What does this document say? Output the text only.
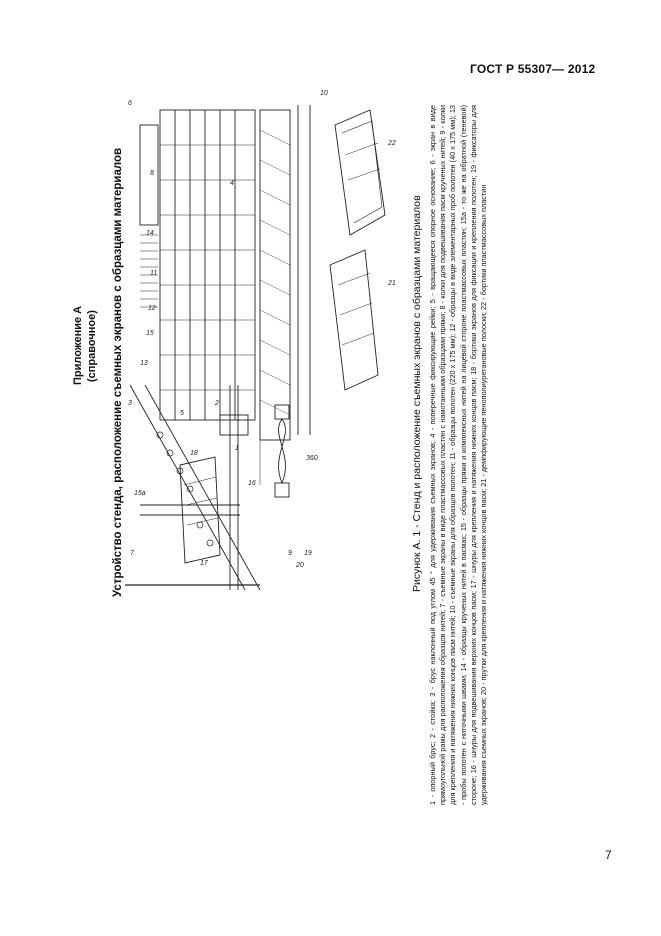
ГОСТ Р 55307— 2012
Приложение А (справочное) Устройство стенда, расположение съемных экранов с образцами материалов
6
8
14
15
13
12
11
4
10
3	2
5
1
16
18
17
9
20
19
7
15а
360
22
21 Рисунок А. 1 - Стенд и расположение съемных экранов с образцами материалов 1 - опорный брус; 2 - стойка; 3 - брус наклонный под углом 45 ° для удерживания съемных экранов; 4 - поперечные фиксирующие рейки; 5 - вращающееся опорное основание; 6 - экран в виде прямоугольной рамы для расположения образцов нитей; 7 - съемные экраны в виде пластмассовых пластин с намотанными образцами пряжи; 8 - колки для подвешивания пасм крученых нитей; 9 - колки для крепления и натяжения нижних концов пасм нитей; 10 - съемные экраны для образцов полотен; 11 - образцы полотен (220 х 175 мм); 12 - образцы в виде элементарных проб полотен (40 х 175 мм); 13 - пробы полотен с ниточными швами; 14 - образцы крученых нитей в пасмах; 15 - образцы пряжи и комплексных нитей на лицевой стороне пластмассовых пластин; 15а - то же на обратной (теневой) стороне; 16 - шнуры для подвешивания верхних концов пасм; 17 - шнуры для крепления и натяжения нижних концов пасм; 18 - бортики экранов для фиксации и крепления полотен; 19 - фиксаторы для удерживания съемных экранов; 20 - прутки для крепления и натяжения нижних концов пасм; 21 - демпфирующие пенополиуретановые полоски; 22 - бортики пластмассовых пластин
7
